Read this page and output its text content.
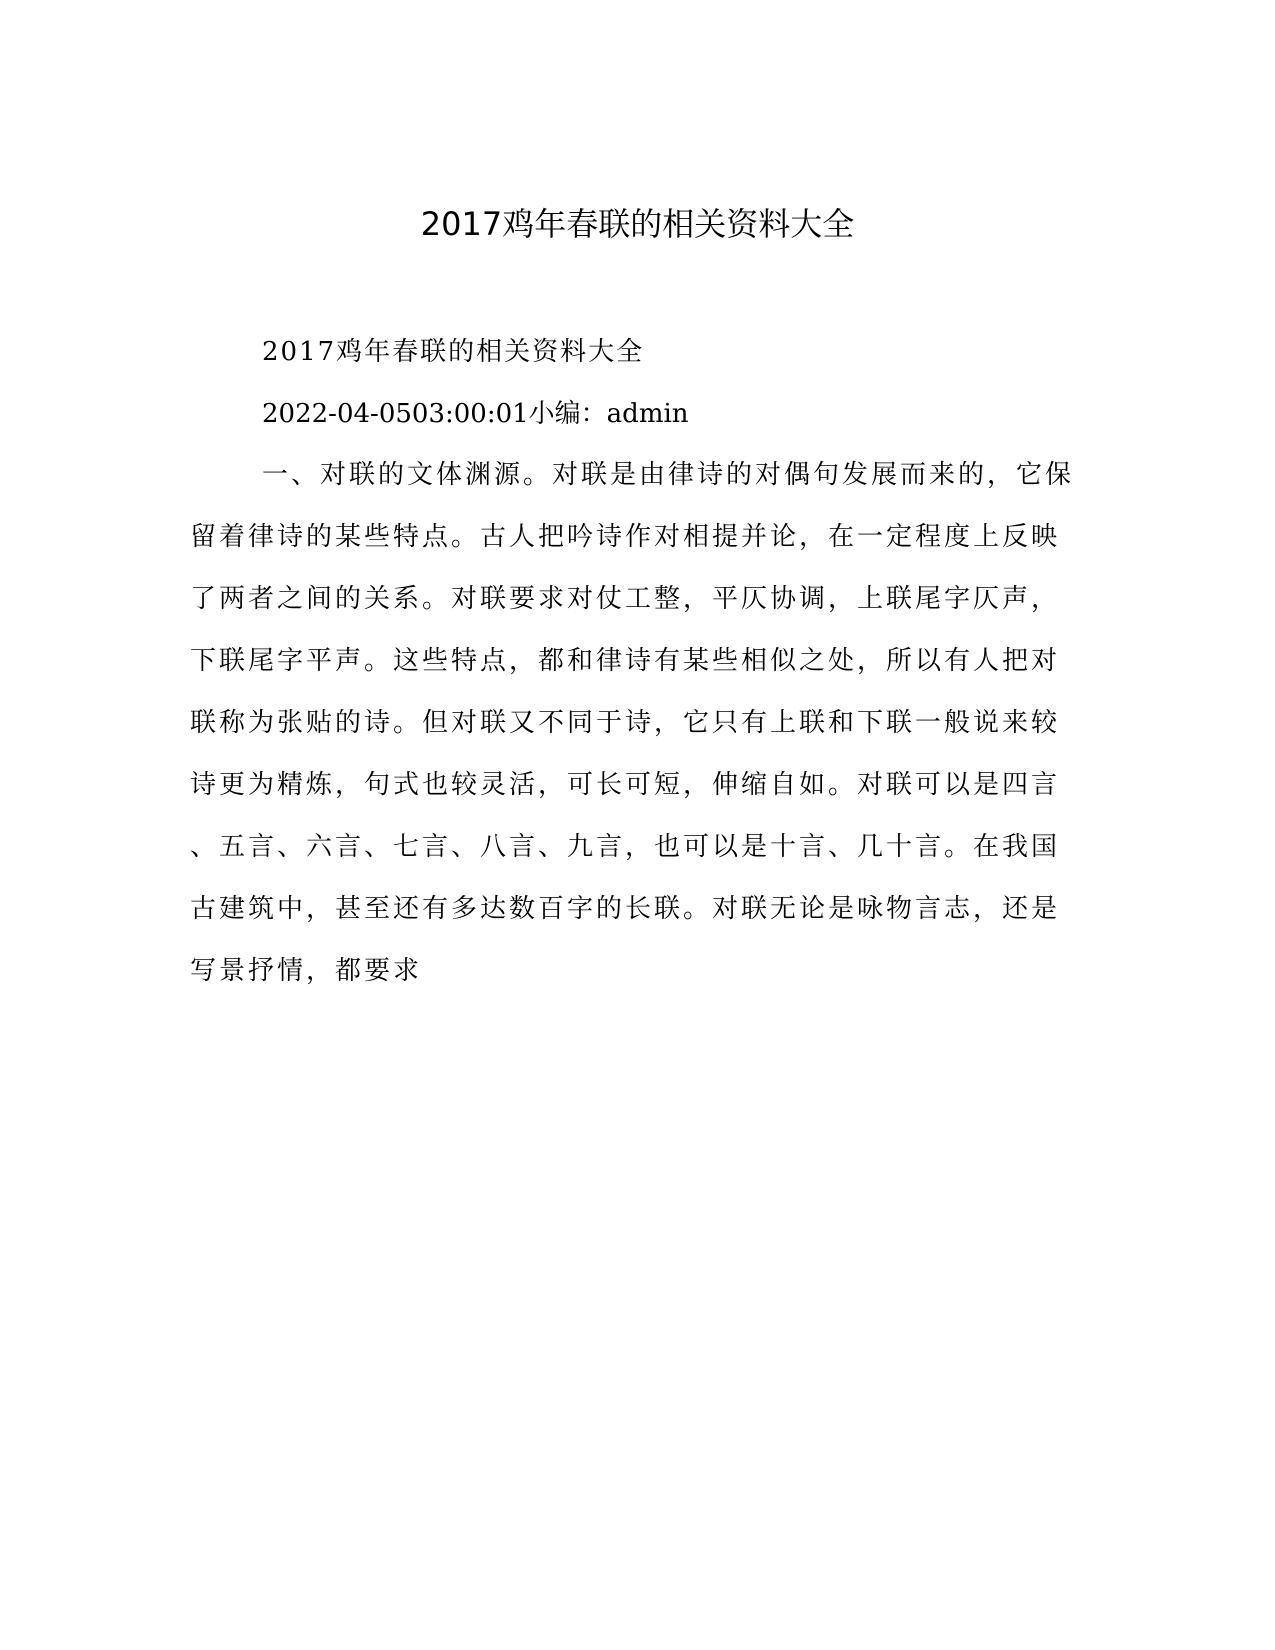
2017鸡年春联的相关资料大全

2017鸡年春联的相关资料大全

2022-04-0503:00:01小编：admin

一、对联的文体渊源。对联是由律诗的对偶句发展而来的，它保

留着律诗的某些特点。古人把吟诗作对相提并论，在一定程度上反映

了两者之间的关系。对联要求对仗工整，平仄协调，上联尾字仄声，

下联尾字平声。这些特点，都和律诗有某些相似之处，所以有人把对

联称为张贴的诗。但对联又不同于诗，它只有上联和下联一般说来较

诗更为精炼，句式也较灵活，可长可短，伸缩自如。对联可以是四言

、五言、六言、七言、八言、九言，也可以是十言、几十言。在我国

古建筑中，甚至还有多达数百字的长联。对联无论是咏物言志，还是

写景抒情，都要求
